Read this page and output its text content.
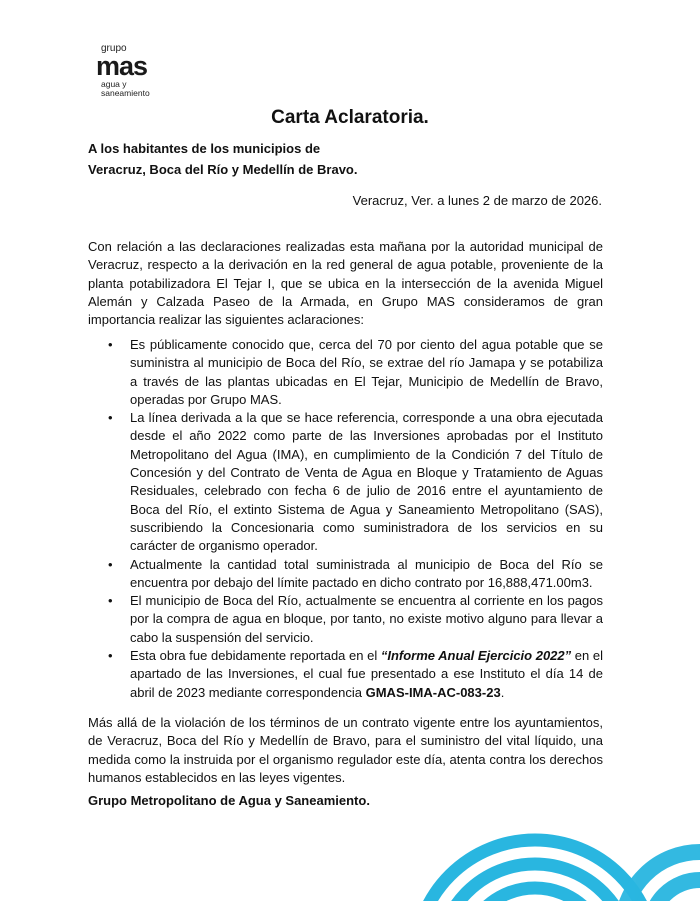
grupo
mas
agua y
saneamiento
Carta Aclaratoria.
A los habitantes de los municipios de
Veracruz, Boca del Río y Medellín de Bravo.
Veracruz, Ver. a lunes 2 de marzo de 2026.
Con relación a las declaraciones realizadas esta mañana por la autoridad municipal de Veracruz, respecto a la derivación en la red general de agua potable, proveniente de la planta potabilizadora El Tejar I, que se ubica en la intersección de la avenida Miguel Alemán y Calzada Paseo de la Armada, en Grupo MAS consideramos de gran importancia realizar las siguientes aclaraciones:
• Es públicamente conocido que, cerca del 70 por ciento del agua potable que se suministra al municipio de Boca del Río, se extrae del río Jamapa y se potabiliza a través de las plantas ubicadas en El Tejar, Municipio de Medellín de Bravo, operadas por Grupo MAS.
• La línea derivada a la que se hace referencia, corresponde a una obra ejecutada desde el año 2022 como parte de las Inversiones aprobadas por el Instituto Metropolitano del Agua (IMA), en cumplimiento de la Condición 7 del Título de Concesión y del Contrato de Venta de Agua en Bloque y Tratamiento de Aguas Residuales, celebrado con fecha 6 de julio de 2016 entre el ayuntamiento de Boca del Río, el extinto Sistema de Agua y Saneamiento Metropolitano (SAS), suscribiendo la Concesionaria como suministradora de los servicios en su carácter de organismo operador.
• Actualmente la cantidad total suministrada al municipio de Boca del Río se encuentra por debajo del límite pactado en dicho contrato por 16,888,471.00m3.
• El municipio de Boca del Río, actualmente se encuentra al corriente en los pagos por la compra de agua en bloque, por tanto, no existe motivo alguno para llevar a cabo la suspensión del servicio.
• Esta obra fue debidamente reportada en el “Informe Anual Ejercicio 2022” en el apartado de las Inversiones, el cual fue presentado a ese Instituto el día 14 de abril de 2023 mediante correspondencia GMAS-IMA-AC-083-23.
Más allá de la violación de los términos de un contrato vigente entre los ayuntamientos, de Veracruz, Boca del Río y Medellín de Bravo, para el suministro del vital líquido, una medida como la instruida por el organismo regulador este día, atenta contra los derechos humanos establecidos en las leyes vigentes.
Grupo Metropolitano de Agua y Saneamiento.
